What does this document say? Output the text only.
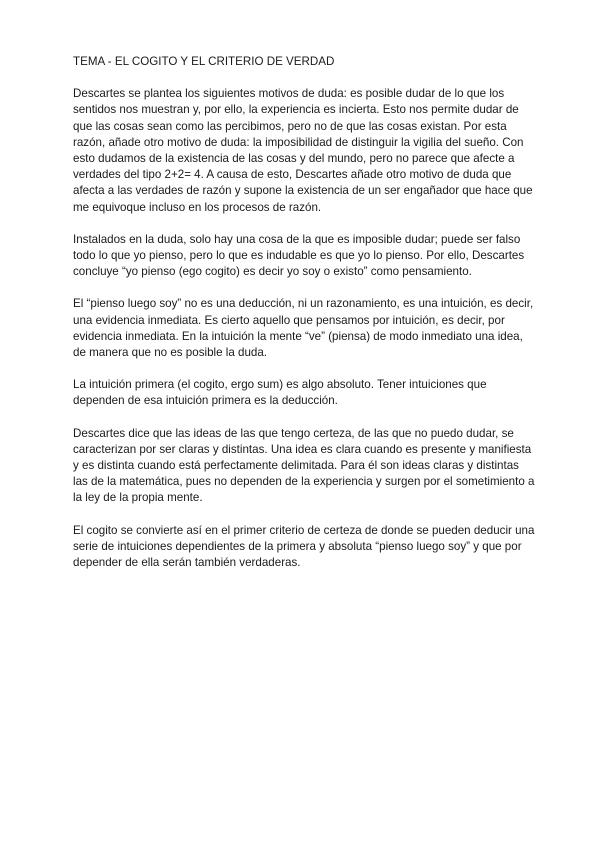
TEMA - EL COGITO Y EL CRITERIO DE VERDAD

Descartes se plantea los siguientes motivos de duda: es posible dudar de lo que los sentidos nos muestran y, por ello, la experiencia es incierta. Esto nos permite dudar de que las cosas sean como las percibimos, pero no de que las cosas existan. Por esta razón, añade otro motivo de duda: la imposibilidad de distinguir la vigilia del sueño. Con esto dudamos de la existencia de las cosas y del mundo, pero no parece que afecte a verdades del tipo 2+2= 4. A causa de esto, Descartes añade otro motivo de duda que afecta a las verdades de razón y supone la existencia de un ser engañador que hace que me equivoque incluso en los procesos de razón.

Instalados en la duda, solo hay una cosa de la que es imposible dudar; puede ser falso todo lo que yo pienso, pero lo que es indudable es que yo lo pienso. Por ello, Descartes concluye “yo pienso (ego cogito) es decir yo soy o existo” como pensamiento.

El “pienso luego soy” no es una deducción, ni un razonamiento, es una intuición, es decir, una evidencia inmediata. Es cierto aquello que pensamos por intuición, es decir, por evidencia inmediata. En la intuición la mente “ve” (piensa) de modo inmediato una idea, de manera que no es posible la duda.

La intuición primera (el cogito, ergo sum) es algo absoluto. Tener intuiciones que dependen de esa intuición primera es la deducción.

Descartes dice que las ideas de las que tengo certeza, de las que no puedo dudar, se caracterizan por ser claras y distintas. Una idea es clara cuando es presente y manifiesta y es distinta cuando está perfectamente delimitada. Para él son ideas claras y distintas las de la matemática, pues no dependen de la experiencia y surgen por el sometimiento a la ley de la propia mente.

El cogito se convierte así en el primer criterio de certeza de donde se pueden deducir una serie de intuiciones dependientes de la primera y absoluta “pienso luego soy” y que por depender de ella serán también verdaderas.
